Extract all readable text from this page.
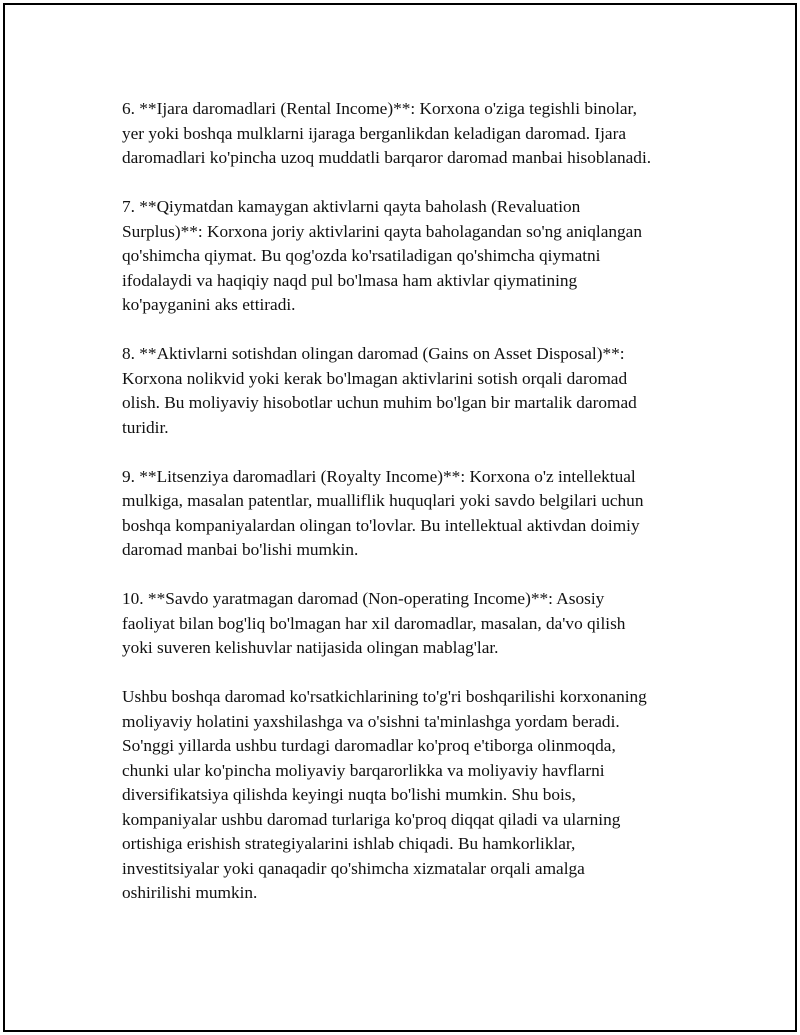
6. **Ijara daromadlari (Rental Income)**: Korxona o'ziga tegishli binolar,
yer yoki boshqa mulklarni ijaraga berganlikdan keladigan daromad. Ijara
daromadlari ko'pincha uzoq muddatli barqaror daromad manbai hisoblanadi.

7. **Qiymatdan kamaygan aktivlarni qayta baholash (Revaluation
Surplus)**: Korxona joriy aktivlarini qayta baholagandan so'ng aniqlangan
qo'shimcha qiymat. Bu qog'ozda ko'rsatiladigan qo'shimcha qiymatni
ifodalaydi va haqiqiy naqd pul bo'lmasa ham aktivlar qiymatining
ko'payganini aks ettiradi.

8. **Aktivlarni sotishdan olingan daromad (Gains on Asset Disposal)**:
Korxona nolikvid yoki kerak bo'lmagan aktivlarini sotish orqali daromad
olish. Bu moliyaviy hisobotlar uchun muhim bo'lgan bir martalik daromad
turidir.

9. **Litsenziya daromadlari (Royalty Income)**: Korxona o'z intellektual
mulkiga, masalan patentlar, mualliflik huquqlari yoki savdo belgilari uchun
boshqa kompaniyalardan olingan to'lovlar. Bu intellektual aktivdan doimiy
daromad manbai bo'lishi mumkin.

10. **Savdo yaratmagan daromad (Non-operating Income)**: Asosiy
faoliyat bilan bog'liq bo'lmagan har xil daromadlar, masalan, da'vo qilish
yoki suveren kelishuvlar natijasida olingan mablag'lar.

Ushbu boshqa daromad ko'rsatkichlarining to'g'ri boshqarilishi korxonaning
moliyaviy holatini yaxshilashga va o'sishni ta'minlashga yordam beradi.
So'nggi yillarda ushbu turdagi daromadlar ko'proq e'tiborga olinmoqda,
chunki ular ko'pincha moliyaviy barqarorlikka va moliyaviy havflarni
diversifikatsiya qilishda keyingi nuqta bo'lishi mumkin. Shu bois,
kompaniyalar ushbu daromad turlariga ko'proq diqqat qiladi va ularning
ortishiga erishish strategiyalarini ishlab chiqadi. Bu hamkorliklar,
investitsiyalar yoki qanaqadir qo'shimcha xizmatalar orqali amalga
oshirilishi mumkin.
